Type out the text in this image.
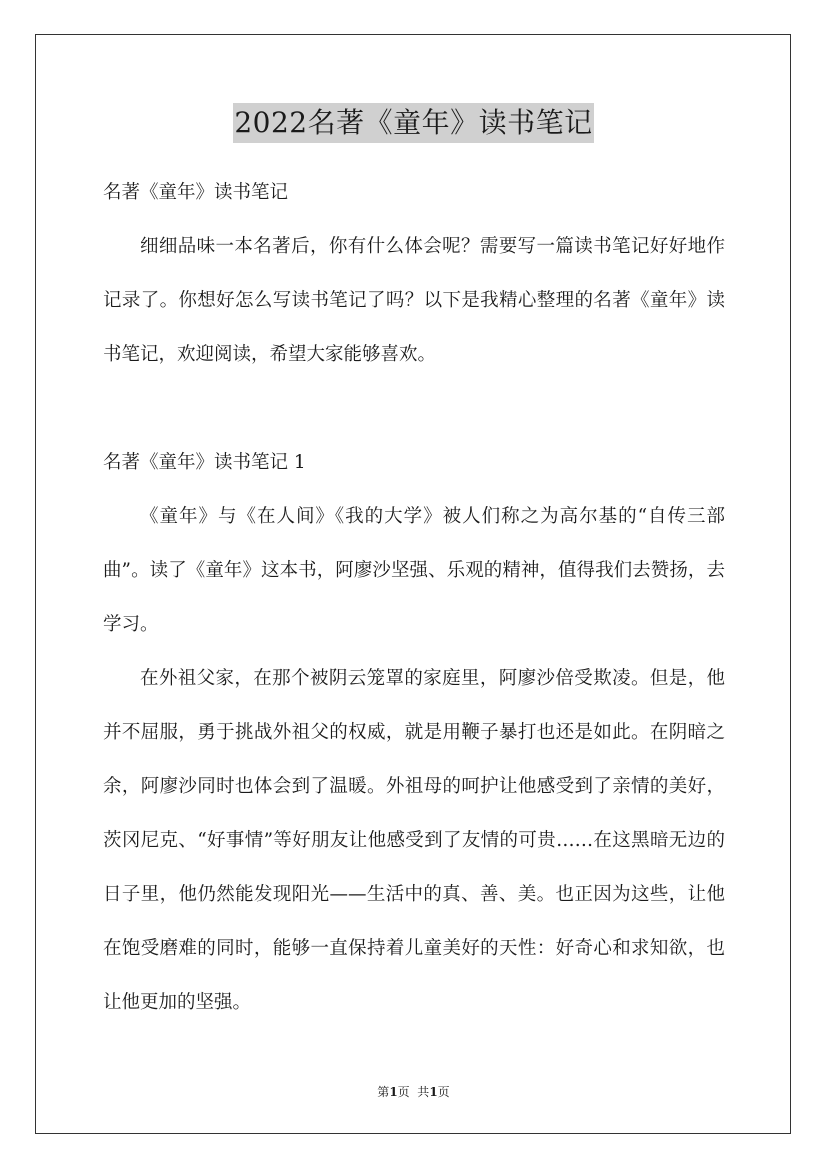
2022名著《童年》读书笔记

名著《童年》读书笔记

细细品味一本名著后，你有什么体会呢？需要写一篇读书笔记好好地作记录了。你想好怎么写读书笔记了吗？以下是我精心整理的名著《童年》读书笔记，欢迎阅读，希望大家能够喜欢。

名著《童年》读书笔记 1

《童年》与《在人间》《我的大学》被人们称之为高尔基的“自传三部曲”。读了《童年》这本书，阿廖沙坚强、乐观的精神，值得我们去赞扬，去学习。

在外祖父家，在那个被阴云笼罩的家庭里，阿廖沙倍受欺凌。但是，他并不屈服，勇于挑战外祖父的权威，就是用鞭子暴打也还是如此。在阴暗之余，阿廖沙同时也体会到了温暖。外祖母的呵护让他感受到了亲情的美好，茨冈尼克、“好事情”等好朋友让他感受到了友情的可贵……在这黑暗无边的日子里，他仍然能发现阳光——生活中的真、善、美。也正因为这些，让他在饱受磨难的同时，能够一直保持着儿童美好的天性：好奇心和求知欲，也让他更加的坚强。

第1页  共1页
